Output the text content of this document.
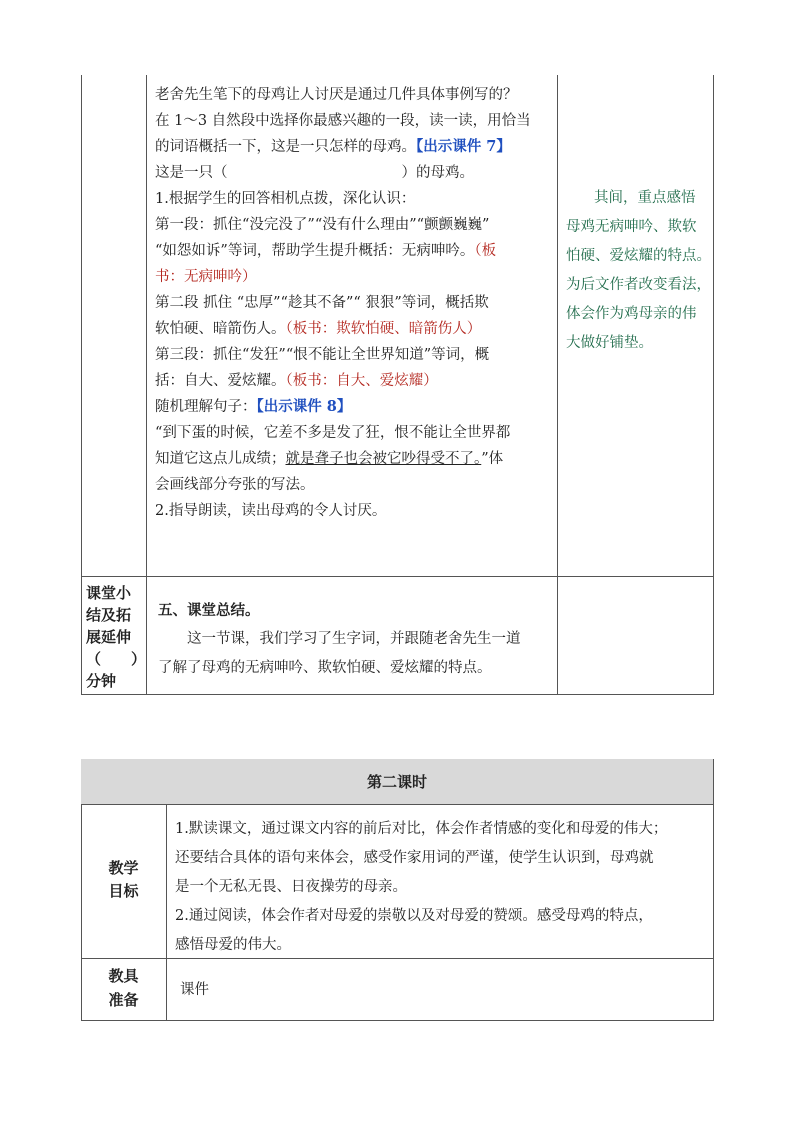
老舍先生笔下的母鸡让人讨厌是通过几件具体事例写的？
在 1～3 自然段中选择你最感兴趣的一段，读一读，用恰当
的词语概括一下，这是一只怎样的母鸡。【出示课件 7】
这是一只（　　　　　　　　　　　　）的母鸡。
1.根据学生的回答相机点拨，深化认识：
第一段：抓住“没完没了”“没有什么理由”“颤颤巍巍”
“如怨如诉”等词，帮助学生提升概括：无病呻吟。（板
书：无病呻吟）
第二段 抓住 “忠厚”“趁其不备”“ 狠狠”等词，概括欺
软怕硬、暗箭伤人。（板书：欺软怕硬、暗箭伤人）
第三段：抓住“发狂”“恨不能让全世界知道”等词，概
括：自大、爱炫耀。（板书：自大、爱炫耀）
随机理解句子：【出示课件 8】
“到下蛋的时候，它差不多是发了狂，恨不能让全世界都
知道它这点儿成绩；就是聋子也会被它吵得受不了。”体
会画线部分夸张的写法。
2.指导朗读，读出母鸡的令人讨厌。
其间，重点感悟
母鸡无病呻吟、欺软
怕硬、爱炫耀的特点。
为后文作者改变看法，
体会作为鸡母亲的伟
大做好铺垫。
课堂小
结及拓
展延伸
（　　）
分钟
五、课堂总结。
这一节课，我们学习了生字词，并跟随老舍先生一道
了解了母鸡的无病呻吟、欺软怕硬、爱炫耀的特点。
第二课时
教学
目标
1.默读课文，通过课文内容的前后对比，体会作者情感的变化和母爱的伟大；
还要结合具体的语句来体会，感受作家用词的严谨，使学生认识到，母鸡就
是一个无私无畏、日夜操劳的母亲。
2.通过阅读，体会作者对母爱的崇敬以及对母爱的赞颂。感受母鸡的特点，
感悟母爱的伟大。
教具
准备
课件
